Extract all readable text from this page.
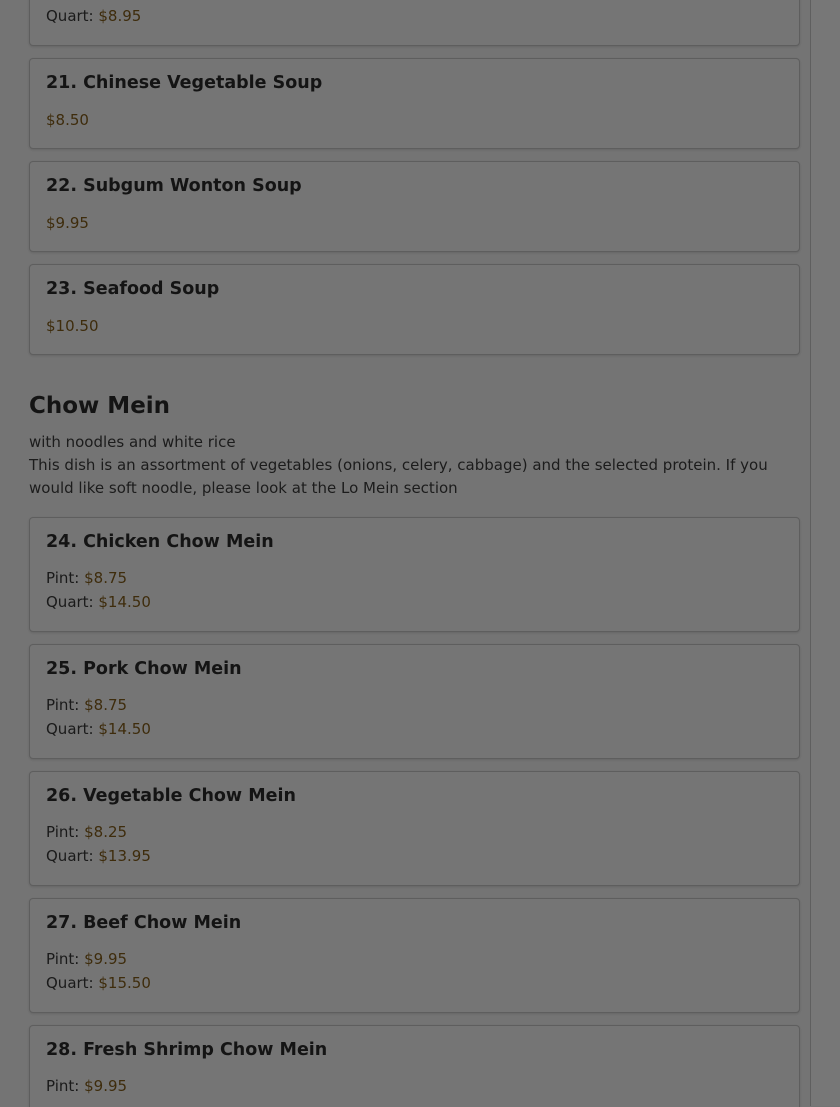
Quart: $8.95
21. Chinese Vegetable Soup
$8.50
22. Subgum Wonton Soup
$9.95
23. Seafood Soup
$10.50
Chow Mein
with noodles and white rice
This dish is an assortment of vegetables (onions, celery, cabbage) and the selected protein. If you would like soft noodle, please look at the Lo Mein section
24. Chicken Chow Mein
Pint: $8.75
Quart: $14.50
25. Pork Chow Mein
Pint: $8.75
Quart: $14.50
26. Vegetable Chow Mein
Pint: $8.25
Quart: $13.95
27. Beef Chow Mein
Pint: $9.95
Quart: $15.50
28. Fresh Shrimp Chow Mein
Pint: $9.95
